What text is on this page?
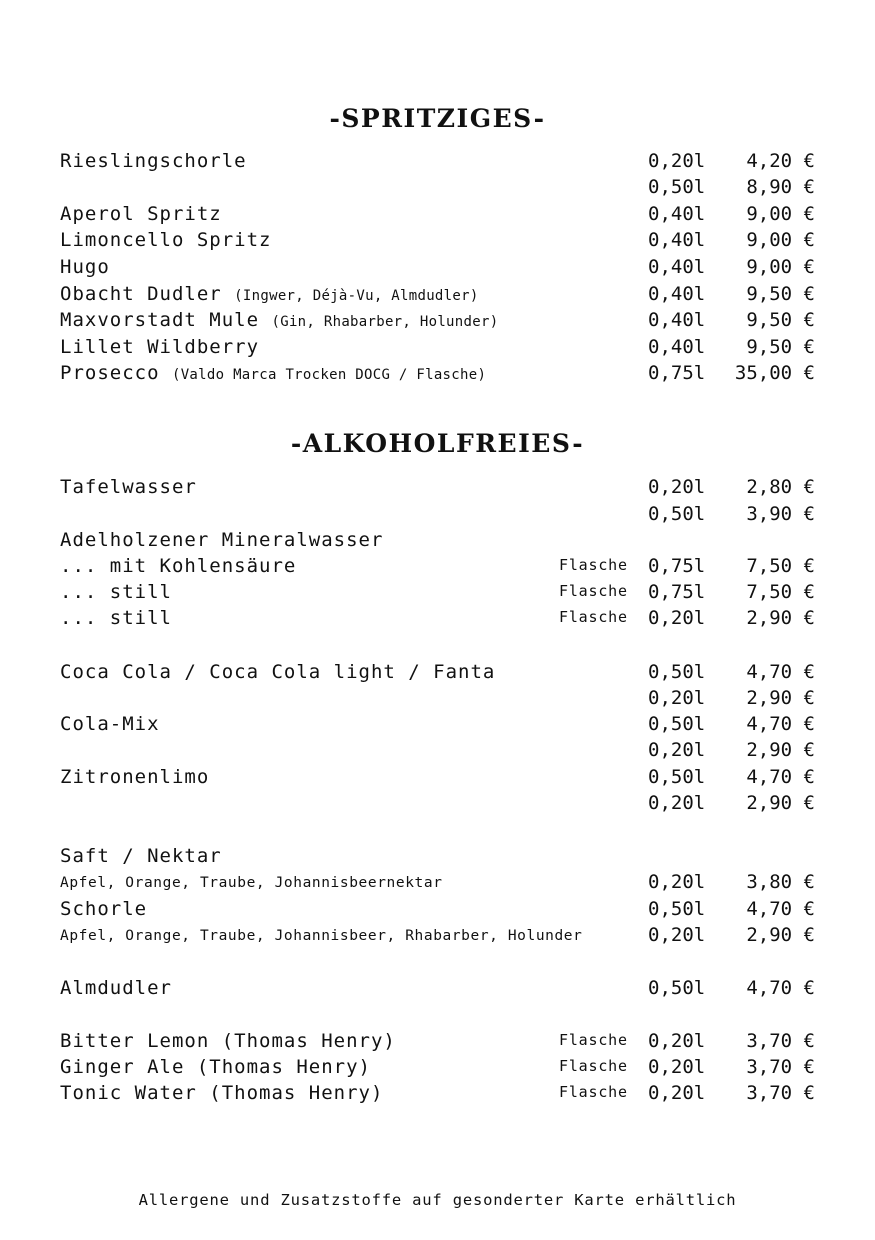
-SPRITZIGES-
Rieslingschorle	0,20l 4,20 €
0,50l 8,90 €
Aperol Spritz	0,40l 9,00 €
Limoncello Spritz	0,40l 9,00 €
Hugo	0,40l 9,00 €
Obacht Dudler (Ingwer, Déjà-Vu, Almdudler)	0,40l 9,50 €
Maxvorstadt Mule (Gin, Rhabarber, Holunder)	0,40l 9,50 €
Lillet Wildberry	0,40l 9,50 €
Prosecco (Valdo Marca Trocken DOCG / Flasche)	0,75l 35,00 €
-ALKOHOLFREIES-
Tafelwasser	0,20l 2,80 €
0,50l 3,90 €
Adelholzener Mineralwasser
... mit Kohlensäure	Flasche 0,75l 7,50 €
... still	Flasche 0,75l 7,50 €
... still	Flasche 0,20l 2,90 €
Coca Cola / Coca Cola light / Fanta	0,50l 4,70 €
0,20l 2,90 €
Cola-Mix	0,50l 4,70 €
0,20l 2,90 €
Zitronenlimo	0,50l 4,70 €
0,20l 2,90 €
Saft / Nektar
Apfel, Orange, Traube, Johannisbeernektar	0,20l 3,80 €
Schorle	0,50l 4,70 €
Apfel, Orange, Traube, Johannisbeer, Rhabarber, Holunder	0,20l 2,90 €
Almdudler	0,50l 4,70 €
Bitter Lemon (Thomas Henry)	Flasche 0,20l 3,70 €
Ginger Ale (Thomas Henry)	Flasche 0,20l 3,70 €
Tonic Water (Thomas Henry)	Flasche 0,20l 3,70 €
Allergene und Zusatzstoffe auf gesonderter Karte erhältlich
